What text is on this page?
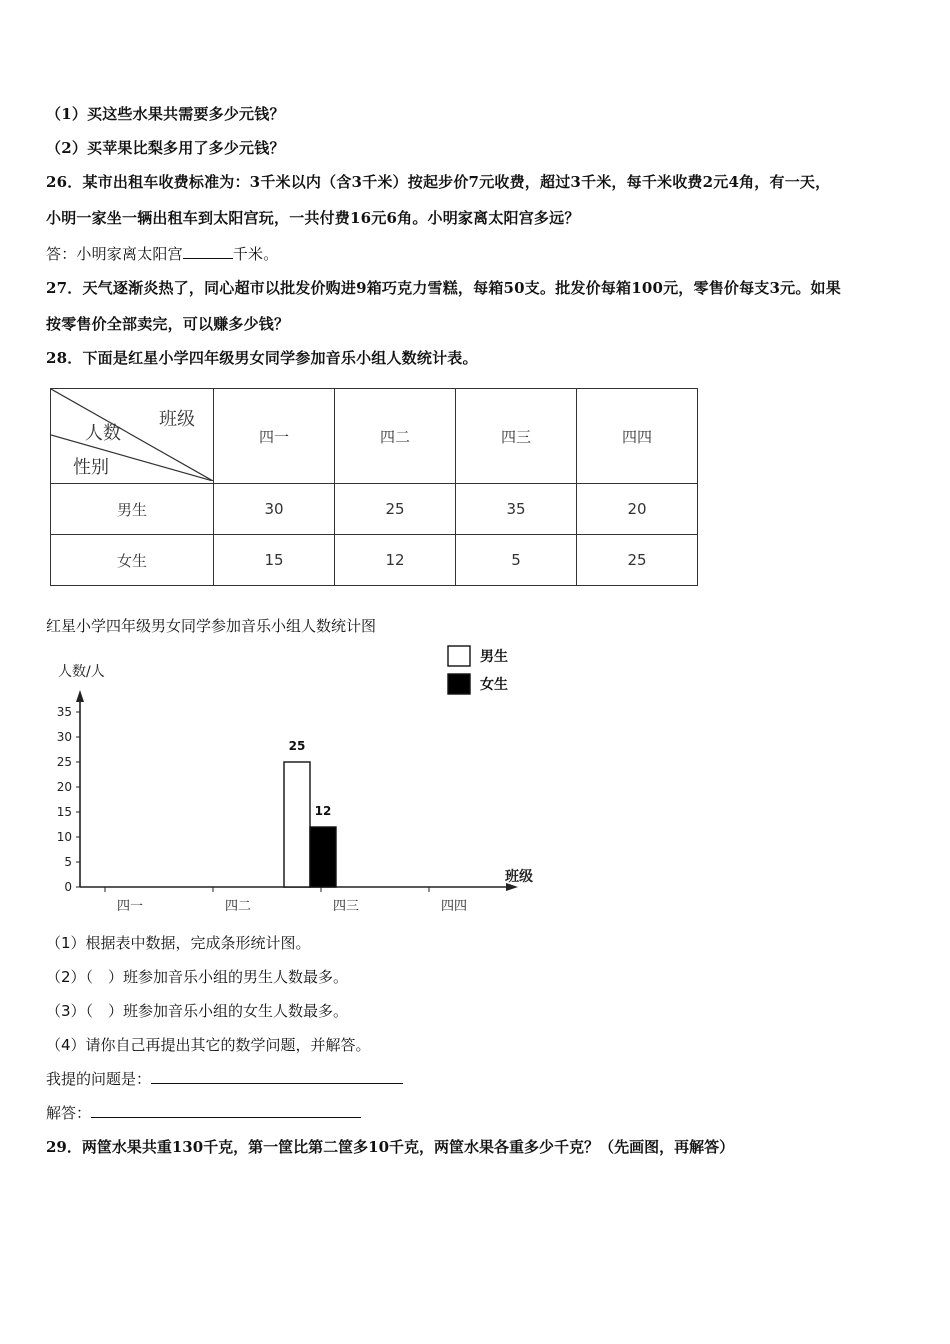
（1）买这些水果共需要多少元钱？
（2）买苹果比梨多用了多少元钱？
26．某市出租车收费标准为：3千米以内（含3千米）按起步价7元收费，超过3千米，每千米收费2元4角，有一天，
小明一家坐一辆出租车到太阳宫玩，一共付费16元6角。小明家离太阳宫多远？
答：小明家离太阳宫	千米。
27．天气逐渐炎热了，同心超市以批发价购进9箱巧克力雪糕，每箱50支。批发价每箱100元，零售价每支3元。如果
按零售价全部卖完，可以赚多少钱？
28．下面是红星小学四年级男女同学参加音乐小组人数统计表。
班级
人数
性别	四一	四二	四三	四四
男生	30	25	35	20
女生	15	12	5	25
红星小学四年级男女同学参加音乐小组人数统计图
0
5
10
15
20
25
30
35
人数/人
班级
四一	四二	四三	四四
25
12
男生
女生
（1）根据表中数据，完成条形统计图。
（2）（　）班参加音乐小组的男生人数最多。
（3）（　）班参加音乐小组的女生人数最多。
（4）请你自己再提出其它的数学问题，并解答。
我提的问题是：
解答：
29．两筐水果共重130千克，第一筐比第二筐多10千克，两筐水果各重多少千克？（先画图，再解答）
